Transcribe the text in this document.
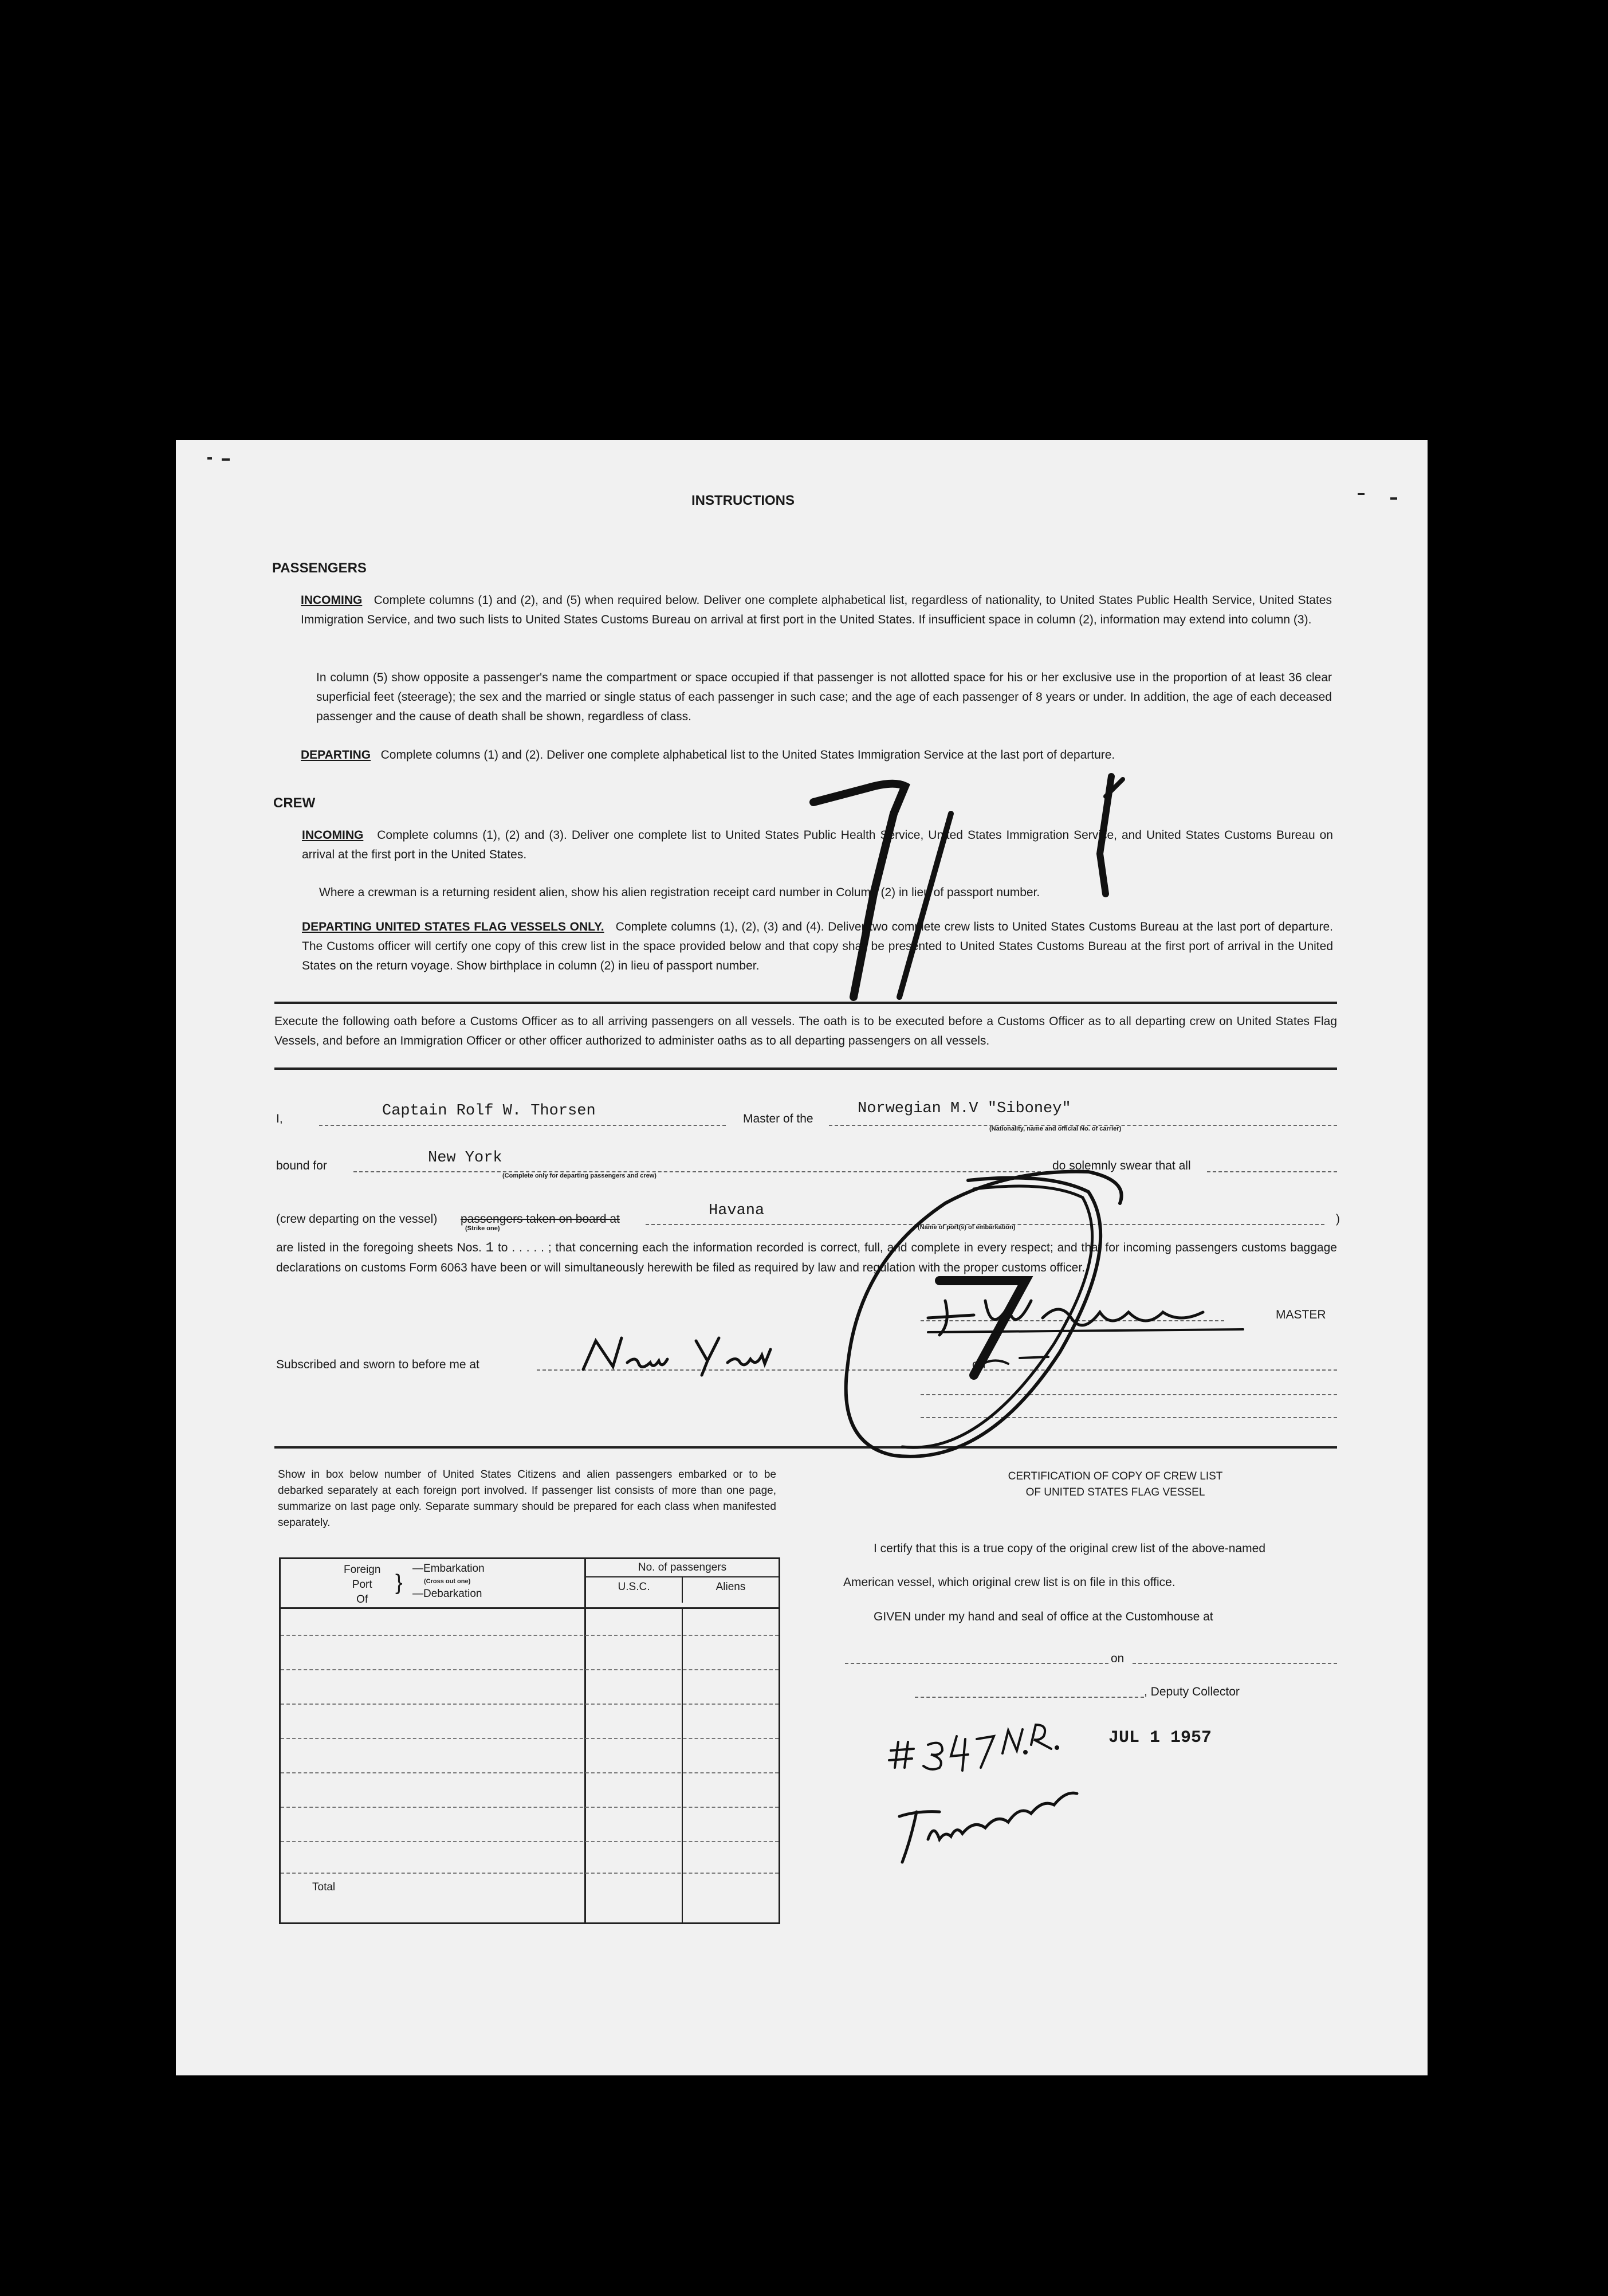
INSTRUCTIONS
PASSENGERS
INCOMING Complete columns (1) and (2), and (5) when required below. Deliver one complete alphabetical list, regardless of nationality, to United States Public Health Service, United States Immigration Service, and two such lists to United States Customs Bureau on arrival at first port in the United States. If insufficient space in column (2), information may extend into column (3).
In column (5) show opposite a passenger's name the compartment or space occupied if that passenger is not allotted space for his or her exclusive use in the proportion of at least 36 clear superficial feet (steerage); the sex and the married or single status of each passenger in such case; and the age of each passenger of 8 years or under. In addition, the age of each deceased passenger and the cause of death shall be shown, regardless of class.
DEPARTING Complete columns (1) and (2). Deliver one complete alphabetical list to the United States Immigration Service at the last port of departure.
CREW
INCOMING Complete columns (1), (2) and (3). Deliver one complete list to United States Public Health Service, United States Immigration Service, and United States Customs Bureau on arrival at the first port in the United States.
Where a crewman is a returning resident alien, show his alien registration receipt card number in Column (2) in lieu of passport number.
DEPARTING UNITED STATES FLAG VESSELS ONLY. Complete columns (1), (2), (3) and (4). Deliver two complete crew lists to United States Customs Bureau at the last port of departure. The Customs officer will certify one copy of this crew list in the space provided below and that copy shall be presented to United States Customs Bureau at the first port of arrival in the United States on the return voyage. Show birthplace in column (2) in lieu of passport number.
Execute the following oath before a Customs Officer as to all arriving passengers on all vessels. The oath is to be executed before a Customs Officer as to all departing crew on United States Flag Vessels, and before an Immigration Officer or other officer authorized to administer oaths as to all departing passengers on all vessels.
I,	Captain Rolf W. Thorsen	Master of the
Norwegian M.V "Siboney"
(Nationality, name and official No. of carrier)
bound for	New York
(Complete only for departing passengers and crew)
do solemnly swear that all
(crew departing on the vessel) passengers taken on board at
(Strike one)
Havana
(Name of port(s) of embarkation)
)
are listed in the foregoing sheets Nos. 1 to . . . . . ; that concerning each the information recorded is correct, full, and complete in every respect; and that for incoming passengers customs baggage declarations on customs Form 6063 have been or will simultaneously herewith be filed as required by law and regulation with the proper customs officer.
MASTER
Subscribed and sworn to before me at	on
Show in box below number of United States Citizens and alien passengers embarked or to be debarked separately at each foreign port involved. If passenger list consists of more than one page, summarize on last page only. Separate summary should be prepared for each class when manifested separately.
CERTIFICATION OF COPY OF CREW LIST
OF UNITED STATES FLAG VESSEL
I certify that this is a true copy of the original crew list of the above-named
American vessel, which original crew list is on file in this office.
GIVEN under my hand and seal of office at the Customhouse at
on
, Deputy Collector
Foreign
Port
Of
}
—Embarkation
(Cross out one)
—Debarkation

No. of passengers
U.S.C.	Aliens

Total
JUL 1 1957
